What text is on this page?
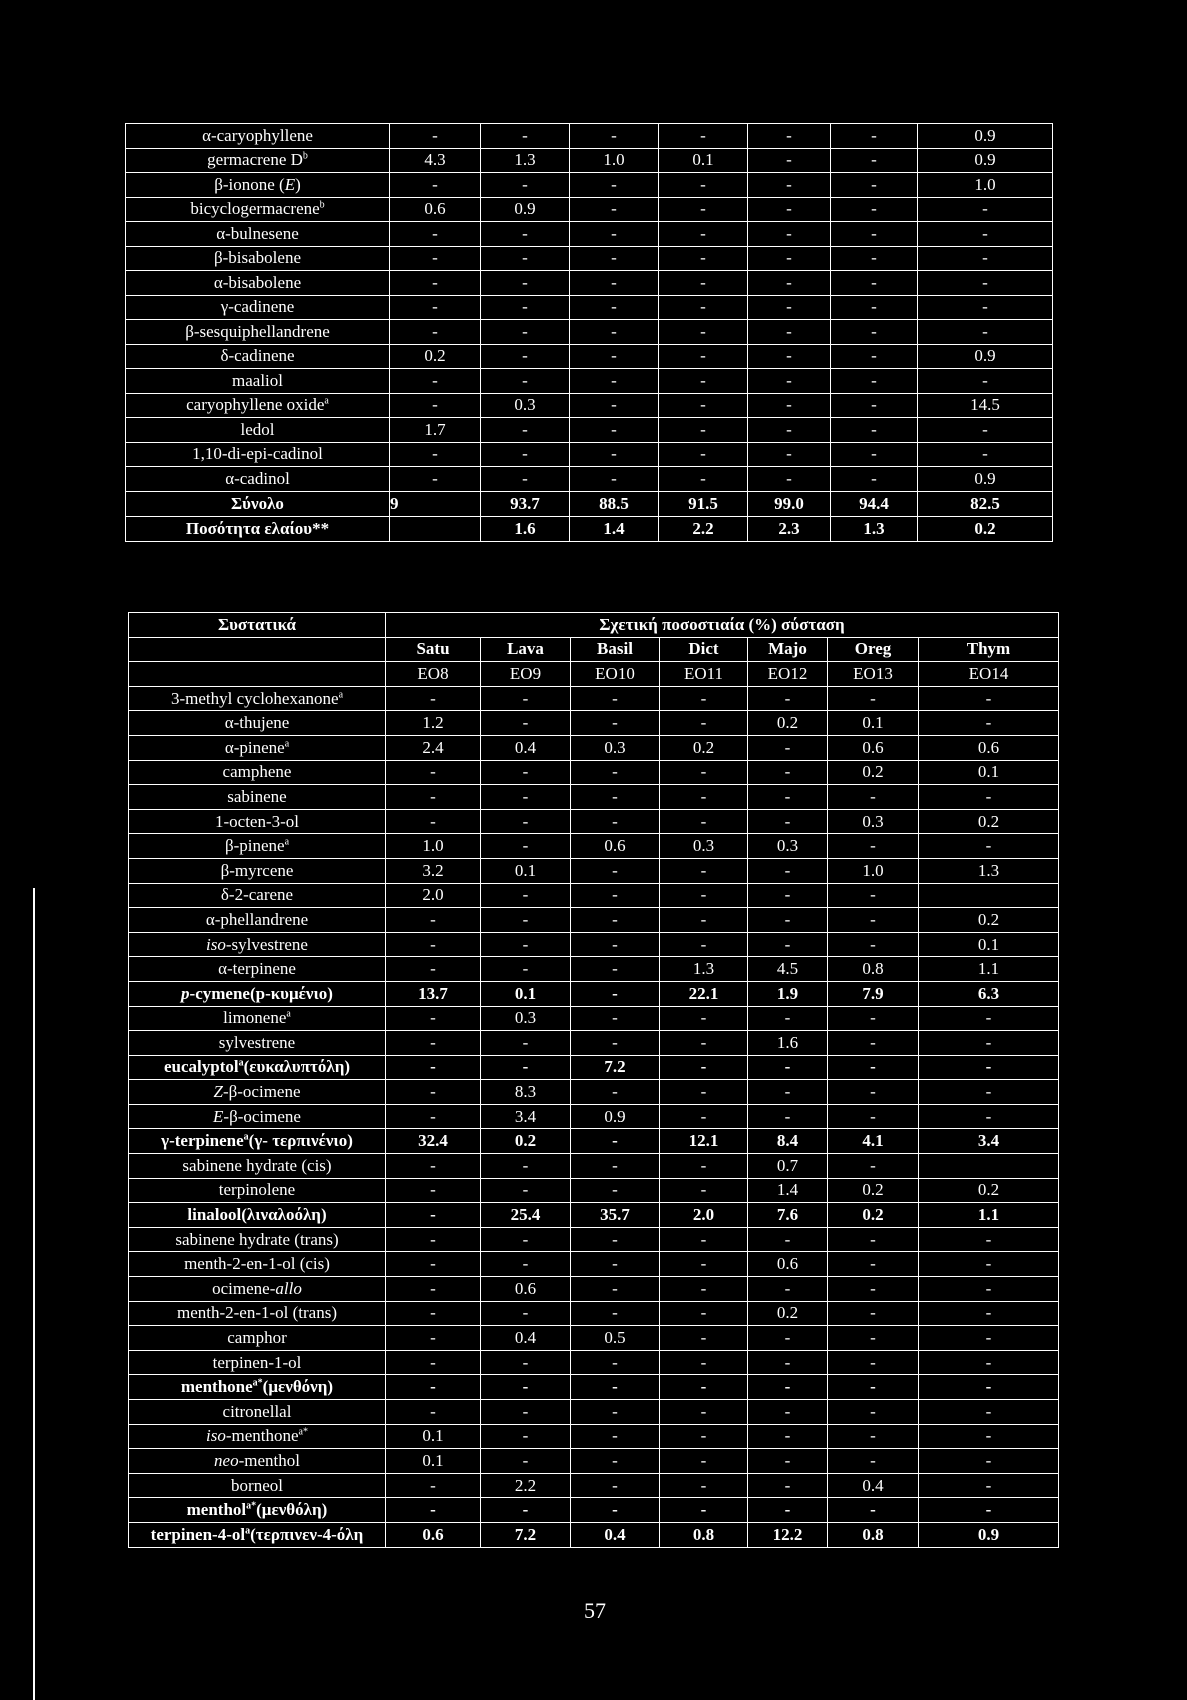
α-caryophyllene	-	-	-	-	-	-	0.9
germacrene $D^b$	4.3	1.3	1.0	0.1	-	-	0.9
β-ionone (E)	-	-	-	-	-	-	1.0
bicyclogermacrene$^b$	0.6	0.9	-	-	-	-	-
α-bulnesene	-	-	-	-	-	-	-
β-bisabolene	-	-	-	-	-	-	-
α-bisabolene	-	-	-	-	-	-	-
γ-cadinene	-	-	-	-	-	-	-
β-sesquiphellandrene	-	-	-	-	-	-	-
δ-cadinene	0.2	-	-	-	-	-	0.9
maaliol	-	-	-	-	-	-	-
caryophyllene oxide$^a$	-	0.3	-	-	-	-	14.5
ledol	1.7	-	-	-	-	-	-
1,10-di-epi-cadinol	-	-	-	-	-	-	-
α-cadinol	-	-	-	-	-	-	0.9
Σύνολο	9	93.7	88.5	91.5	99.0	94.4	82.5
Ποσότητα ελαίου**		1.6	1.4	2.2	2.3	1.3	0.2
Συστατικά	Σχετική ποσοστιαία (%) σύσταση						
	Satu	Lava	Basil	Dict	Majo	Oreg	Thym
	EO8	EO9	EO10	EO11	EO12	EO13	EO14
3-methyl cyclohexanone$^a$	-	-	-	-	-	-	-
α-thujene	1.2	-	-	-	0.2	0.1	-
α-pinene$^a$	2.4	0.4	0.3	0.2	-	0.6	0.6
camphene	-	-	-	-	-	0.2	0.1
sabinene	-	-	-	-	-	-	-
1-octen-3-ol	-	-	-	-	-	0.3	0.2
β-pinene$^a$	1.0	-	0.6	0.3	0.3	-	-
β-myrcene	3.2	0.1	-	-	-	1.0	1.3
δ-2-carene	2.0	-	-	-	-	-	
α-phellandrene	-	-	-	-	-	-	0.2
iso-sylvestrene	-	-	-	-	-	-	0.1
α-terpinene	-	-	-	1.3	4.5	0.8	1.1
p-cymene(p-κυμένιο)	13.7	0.1	-	22.1	1.9	7.9	6.3
limonene$^a$	-	0.3	-	-	-	-	-
sylvestrene	-	-	-	-	1.6	-	-
eucalyptol$^a$(ευκαλυπτόλη)	-	-	7.2	-	-	-	-
Z-β-ocimene	-	8.3	-	-	-	-	-
E-β-ocimene	-	3.4	0.9	-	-	-	-
γ-terpinene$^a$(γ- τερπινένιο)	32.4	0.2	-	12.1	8.4	4.1	3.4
sabinene hydrate (cis)	-	-	-	-	0.7	-	
terpinolene	-	-	-	-	1.4	0.2	0.2
linalool(λιναλοόλη)	-	25.4	35.7	2.0	7.6	0.2	1.1
sabinene hydrate (trans)	-	-	-	-	-	-	-
menth-2-en-1-ol (cis)	-	-	-	-	0.6	-	-
ocimene-allo	-	0.6	-	-	-	-	-
menth-2-en-1-ol (trans)	-	-	-	-	0.2	-	-
camphor	-	0.4	0.5	-	-	-	-
terpinen-1-ol	-	-	-	-	-	-	-
menthone$^{a*}$(μενθόνη)	-	-	-	-	-	-	-
citronellal	-	-	-	-	-	-	-
iso-menthone$^{a*}$	0.1	-	-	-	-	-	-
neo-menthol	0.1	-	-	-	-	-	-
borneol	-	2.2	-	-	-	0.4	-
menthol$^{a*}$(μενθόλη)	-	-	-	-	-	-	-
terpinen-$4-ol^a(\tau\varepsilon\rho\pi\iota\nu\varepsilon\nu-4$-όλη	0.6	7.2	0.4	0.8	12.2	0.8	0.9
57
